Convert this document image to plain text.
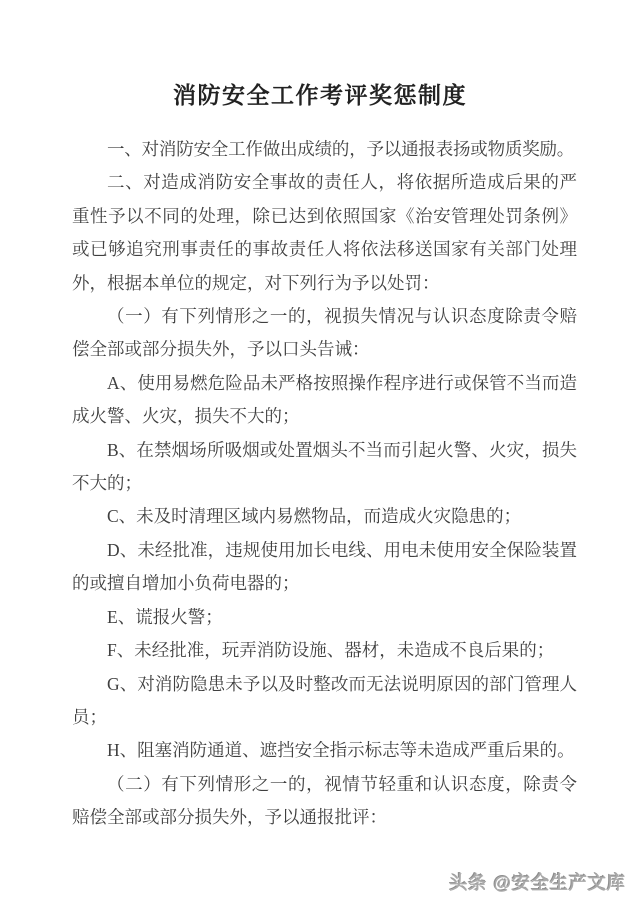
消防安全工作考评奖惩制度

一、对消防安全工作做出成绩的，予以通报表扬或物质奖励。

二、对造成消防安全事故的责任人，将依据所造成后果的严重性予以不同的处理，除已达到依照国家《治安管理处罚条例》或已够追究刑事责任的事故责任人将依法移送国家有关部门处理外，根据本单位的规定，对下列行为予以处罚：

（一）有下列情形之一的，视损失情况与认识态度除责令赔偿全部或部分损失外，予以口头告诫：

A、使用易燃危险品未严格按照操作程序进行或保管不当而造成火警、火灾，损失不大的；

B、在禁烟场所吸烟或处置烟头不当而引起火警、火灾，损失不大的；

C、未及时清理区域内易燃物品，而造成火灾隐患的；

D、未经批准，违规使用加长电线、用电未使用安全保险装置的或擅自增加小负荷电器的；

E、谎报火警；

F、未经批准，玩弄消防设施、器材，未造成不良后果的；

G、对消防隐患未予以及时整改而无法说明原因的部门管理人员；

H、阻塞消防通道、遮挡安全指示标志等未造成严重后果的。

（二）有下列情形之一的，视情节轻重和认识态度，除责令赔偿全部或部分损失外，予以通报批评：

头条 @安全生产文库
